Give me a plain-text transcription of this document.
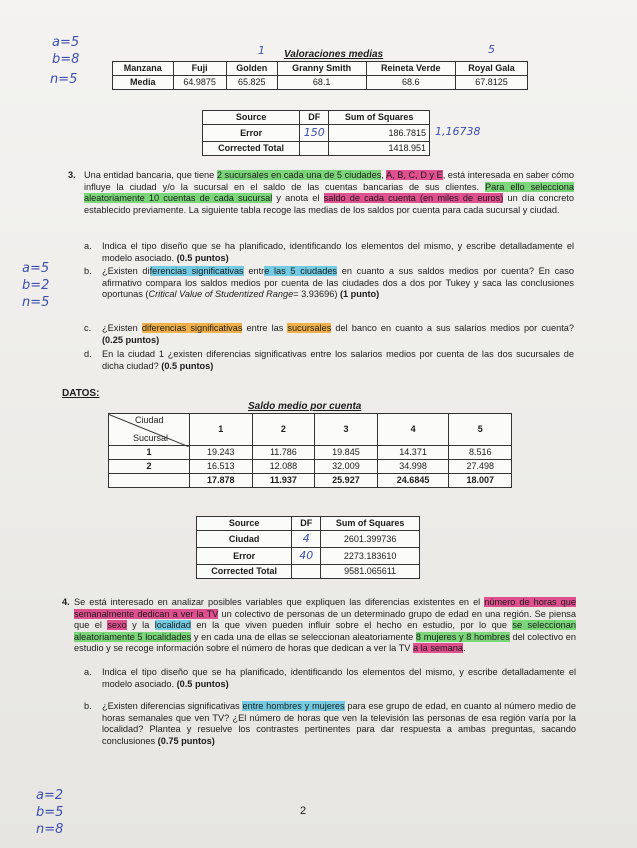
a=5
b=8
n=5
1	5
Valoraciones medias
Manzana	Fuji	Golden	Granny Smith	Reineta Verde	Royal Gala
Media	64.9875	65.825	68.1	68.6	67.8125
Source	DF	Sum of Squares
Error	150	186.7815
Corrected Total		1418.951
1,16738
3. Una entidad bancaria, que tiene 2 sucursales en cada una de 5 ciudades, A, B, C, D y E, está interesada en saber cómo influye la ciudad y/o la sucursal en el saldo de las cuentas bancarias de sus clientes. Para ello selecciona aleatoriamente 10 cuentas de cada sucursal y anota el saldo de cada cuenta (en miles de euros) un día concreto establecido previamente. La siguiente tabla recoge las medias de los saldos por cuenta para cada sucursal y ciudad.
a. Indica el tipo diseño que se ha planificado, identificando los elementos del mismo, y escribe detalladamente el modelo asociado. (0.5 puntos)
a=5
b=2
n=5
b. ¿Existen diferencias significativas entre las 5 ciudades en cuanto a sus saldos medios por cuenta? En caso afirmativo compara los saldos medios por cuenta de las ciudades dos a dos por Tukey y saca las conclusiones oportunas (Critical Value of Studentized Range= 3.93696) (1 punto)
c. ¿Existen diferencias significativas entre las sucursales del banco en cuanto a sus salarios medios por cuenta? (0.25 puntos)
d. En la ciudad 1 ¿existen diferencias significativas entre los salarios medios por cuenta de las dos sucursales de dicha ciudad? (0.5 puntos)
DATOS:
Saldo medio por cuenta
Ciudad
Sucursal	1	2	3	4	5
1	19.243	11.786	19.845	14.371	8.516
2	16.513	12.088	32.009	34.998	27.498
	17.878	11.937	25.927	24.6845	18.007
Source	DF	Sum of Squares
Ciudad	4	2601.399736
Error	40	2273.183610
Corrected Total		9581.065611
4. Se está interesado en analizar posibles variables que expliquen las diferencias existentes en el número de horas que semanalmente dedican a ver la TV un colectivo de personas de un determinado grupo de edad en una región. Se piensa que el sexo y la localidad en la que viven pueden influir sobre el hecho en estudio, por lo que se seleccionan aleatoriamente 5 localidades y en cada una de ellas se seleccionan aleatoriamente 8 mujeres y 8 hombres del colectivo en estudio y se recoge información sobre el número de horas que dedican a ver la TV a la semana.
a. Indica el tipo diseño que se ha planificado, identificando los elementos del mismo, y escribe detalladamente el modelo asociado. (0.5 puntos)
b. ¿Existen diferencias significativas entre hombres y mujeres para ese grupo de edad, en cuanto al número medio de horas semanales que ven TV? ¿El número de horas que ven la televisión las personas de esa región varía por la localidad? Plantea y resuelve los contrastes pertinentes para dar respuesta a ambas preguntas, sacando conclusiones (0.75 puntos)
a=2
b=5
n=8
2
